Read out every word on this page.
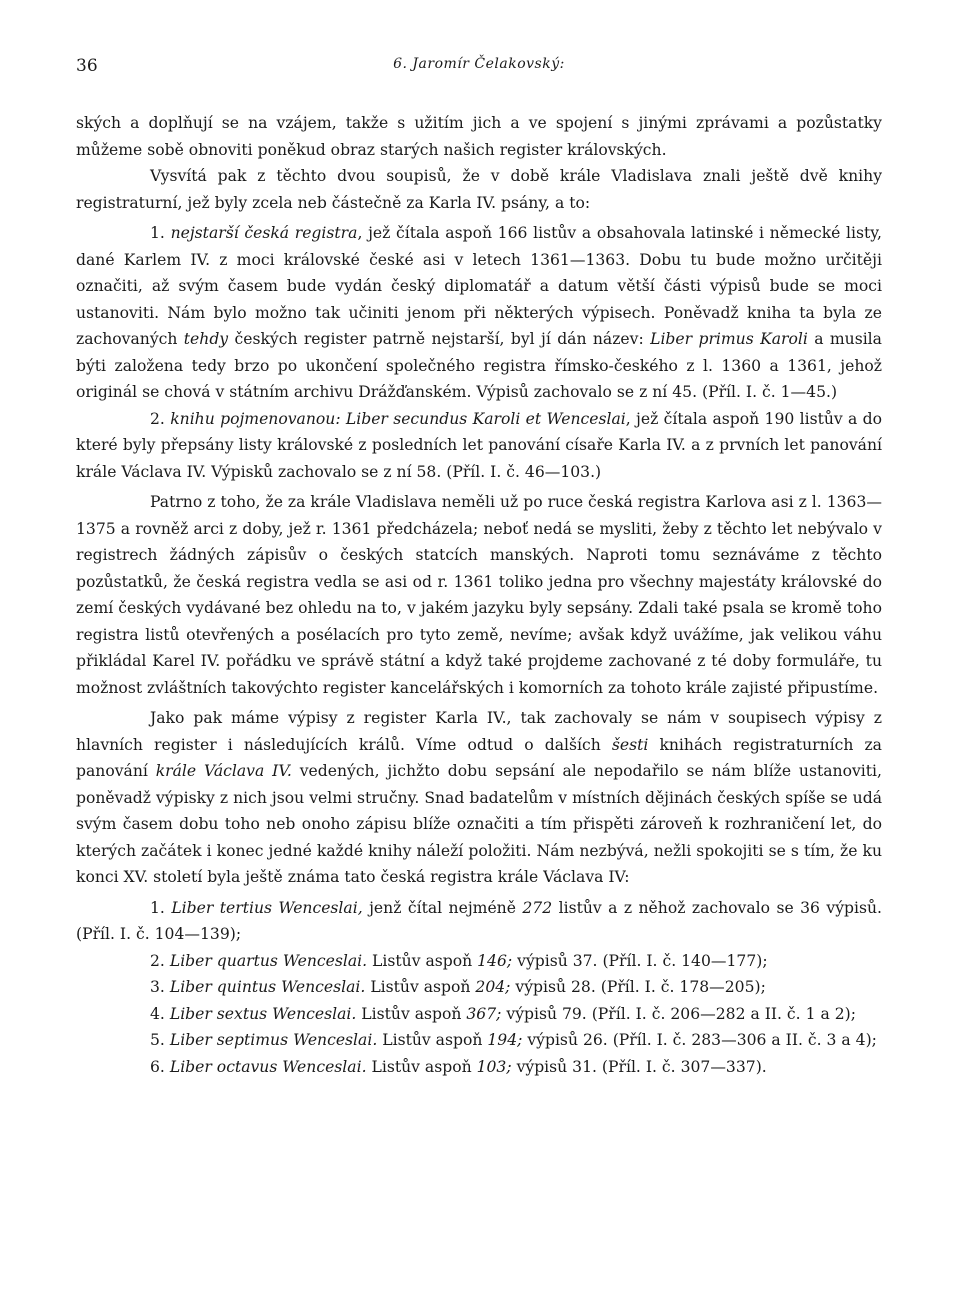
36	6. Jaromír Čelakovský:

ských a doplňují se na vzájem, takže s užitím jich a ve spojení s jinými zprávami a pozůstatky můžeme sobě obnoviti poněkud obraz starých našich register královských.

Vysvítá pak z těchto dvou soupisů, že v době krále Vladislava znali ještě dvě knihy registraturní, jež byly zcela neb částečně za Karla IV. psány, a to:

1. nejstarší česká registra, jež čítala aspoň 166 listův a obsahovala latinské i německé listy, dané Karlem IV. z moci královské české asi v letech 1361—1363. Dobu tu bude možno určitěji označiti, až svým časem bude vydán český diplomatář a datum větší části výpisů bude se moci ustanoviti. Nám bylo možno tak učiniti jenom při některých výpisech. Poněvadž kniha ta byla ze zachovaných tehdy českých register patrně nejstarší, byl jí dán název: Liber primus Karoli a musila býti založena tedy brzo po ukončení společného registra římsko-českého z l. 1360 a 1361, jehož originál se chová v státním archivu Drážďanském. Výpisů zachovalo se z ní 45. (Příl. I. č. 1—45.)

2. knihu pojmenovanou: Liber secundus Karoli et Wenceslai, jež čítala aspoň 190 listův a do které byly přepsány listy královské z posledních let panování císaře Karla IV. a z prvních let panování krále Václava IV. Výpisků zachovalo se z ní 58. (Příl. I. č. 46—103.)

Patrno z toho, že za krále Vladislava neměli už po ruce česká registra Karlova asi z l. 1363—1375 a rovněž arci z doby, jež r. 1361 předcházela; neboť nedá se mysliti, žeby z těchto let nebývalo v registrech žádných zápisův o českých statcích manských. Naproti tomu seznáváme z těchto pozůstatků, že česká registra vedla se asi od r. 1361 toliko jedna pro všechny majestáty královské do zemí českých vydávané bez ohledu na to, v jakém jazyku byly sepsány. Zdali také psala se kromě toho registra listů otevřených a posélacích pro tyto země, nevíme; avšak když uvážíme, jak velikou váhu přikládal Karel IV. pořádku ve správě státní a když také projdeme zachované z té doby formuláře, tu možnost zvláštních takovýchto register kancelářských i komorních za tohoto krále zajisté připustíme.

Jako pak máme výpisy z register Karla IV., tak zachovaly se nám v soupisech výpisy z hlavních register i následujících králů. Víme odtud o dalších šesti knihách registraturních za panování krále Václava IV. vedených, jichžto dobu sepsání ale nepodařilo se nám blíže ustanoviti, poněvadž výpisky z nich jsou velmi stručny. Snad badatelům v místních dějinách českých spíše se udá svým časem dobu toho neb onoho zápisu blíže označiti a tím přispěti zároveň k rozhraničení let, do kterých začátek i konec jedné každé knihy náleží položiti. Nám nezbývá, nežli spokojiti se s tím, že ku konci XV. století byla ještě známa tato česká registra krále Václava IV:

1. Liber tertius Wenceslai, jenž čítal nejméně 272 listův a z něhož zachovalo se 36 výpisů. (Příl. I. č. 104—139);

2. Liber quartus Wenceslai. Listův aspoň 146; výpisů 37. (Příl. I. č. 140—177);

3. Liber quintus Wenceslai. Listův aspoň 204; výpisů 28. (Příl. I. č. 178—205);

4. Liber sextus Wenceslai. Listův aspoň 367; výpisů 79. (Příl. I. č. 206—282 a II. č. 1 a 2);

5. Liber septimus Wenceslai. Listův aspoň 194; výpisů 26. (Příl. I. č. 283—306 a II. č. 3 a 4);

6. Liber octavus Wenceslai. Listův aspoň 103; výpisů 31. (Příl. I. č. 307—337).
